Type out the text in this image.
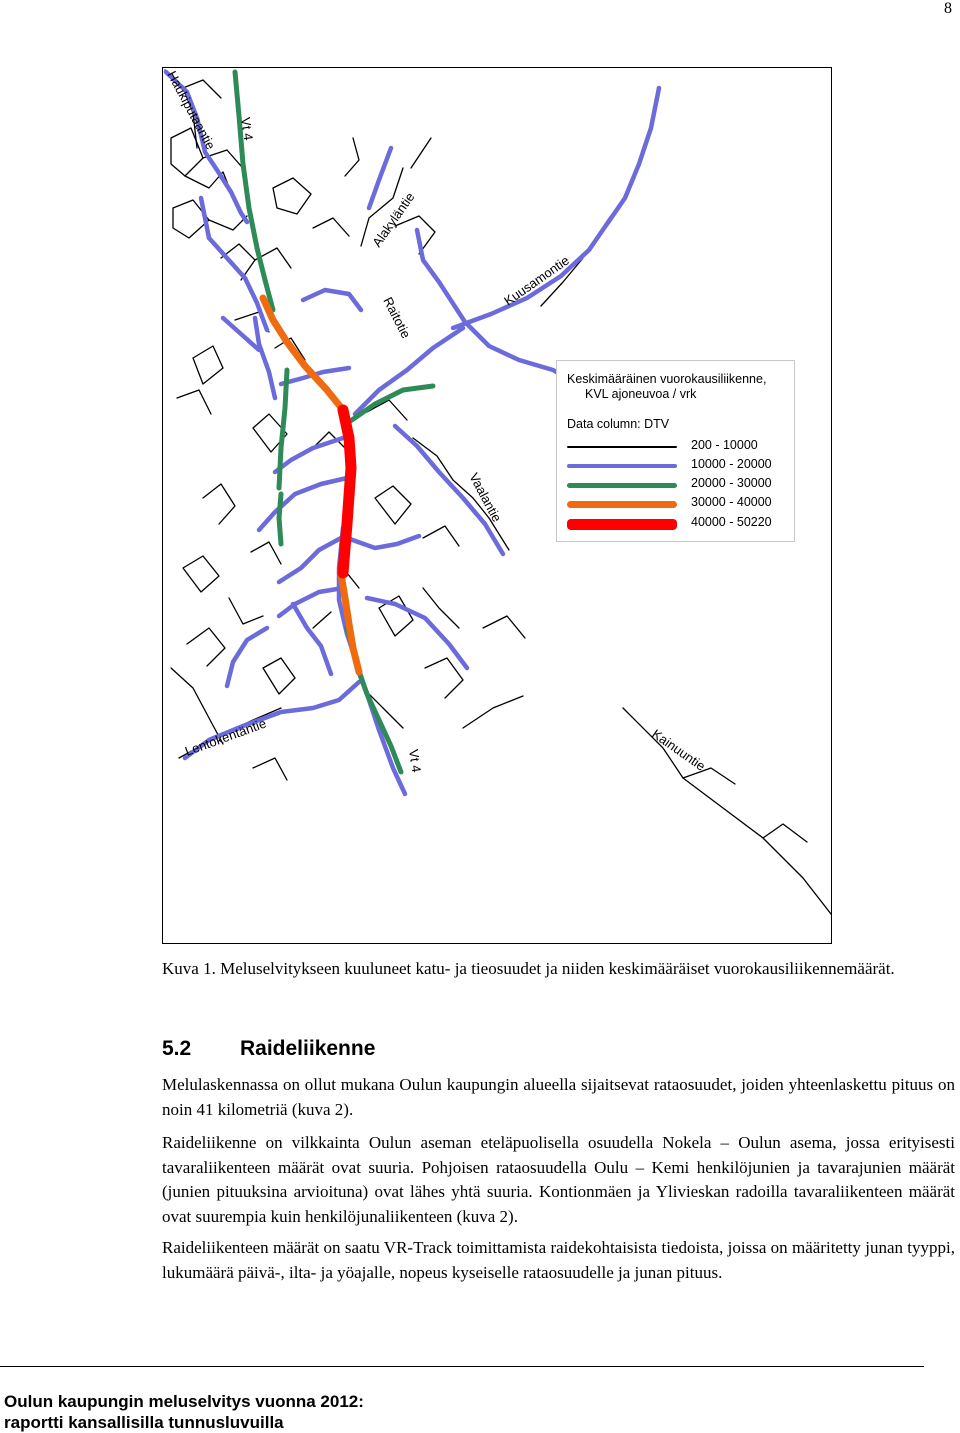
8
Haukiputaantie Vt 4
Alakyläntie
Kuusamontie
Raitotie
Vaalantie
Lentokentäntie
Vt 4	Kainuuntie
Keskimääräinen vuorokausiliikenne,
KVL ajoneuvoa / vrk
Data column: DTV
200 - 10000
10000 - 20000
20000 - 30000
30000 - 40000
40000 - 50220
Kuva 1. Meluselvitykseen kuuluneet katu- ja tieosuudet ja niiden keskimääräiset vuorokausiliikennemäärät.
5.2 Raideliikenne
Melulaskennassa on ollut mukana Oulun kaupungin alueella sijaitsevat rataosuudet, joiden yhteenlaskettu pituus on noin 41 kilometriä (kuva 2).
Raideliikenne on vilkkainta Oulun aseman eteläpuolisella osuudella Nokela – Oulun asema, jossa erityisesti tavaraliikenteen määrät ovat suuria. Pohjoisen rataosuudella Oulu – Kemi henkilöjunien ja tavarajunien määrät (junien pituuksina arvioituna) ovat lähes yhtä suuria. Kontionmäen ja Ylivieskan radoilla tavaraliikenteen määrät ovat suurempia kuin henkilöjunaliikenteen (kuva 2).
Raideliikenteen määrät on saatu VR-Track toimittamista raidekohtaisista tiedoista, joissa on määritetty junan tyyppi, lukumäärä päivä-, ilta- ja yöajalle, nopeus kyseiselle rataosuudelle ja junan pituus.
Oulun kaupungin meluselvitys vuonna 2012:
raportti kansallisilla tunnusluvuilla
